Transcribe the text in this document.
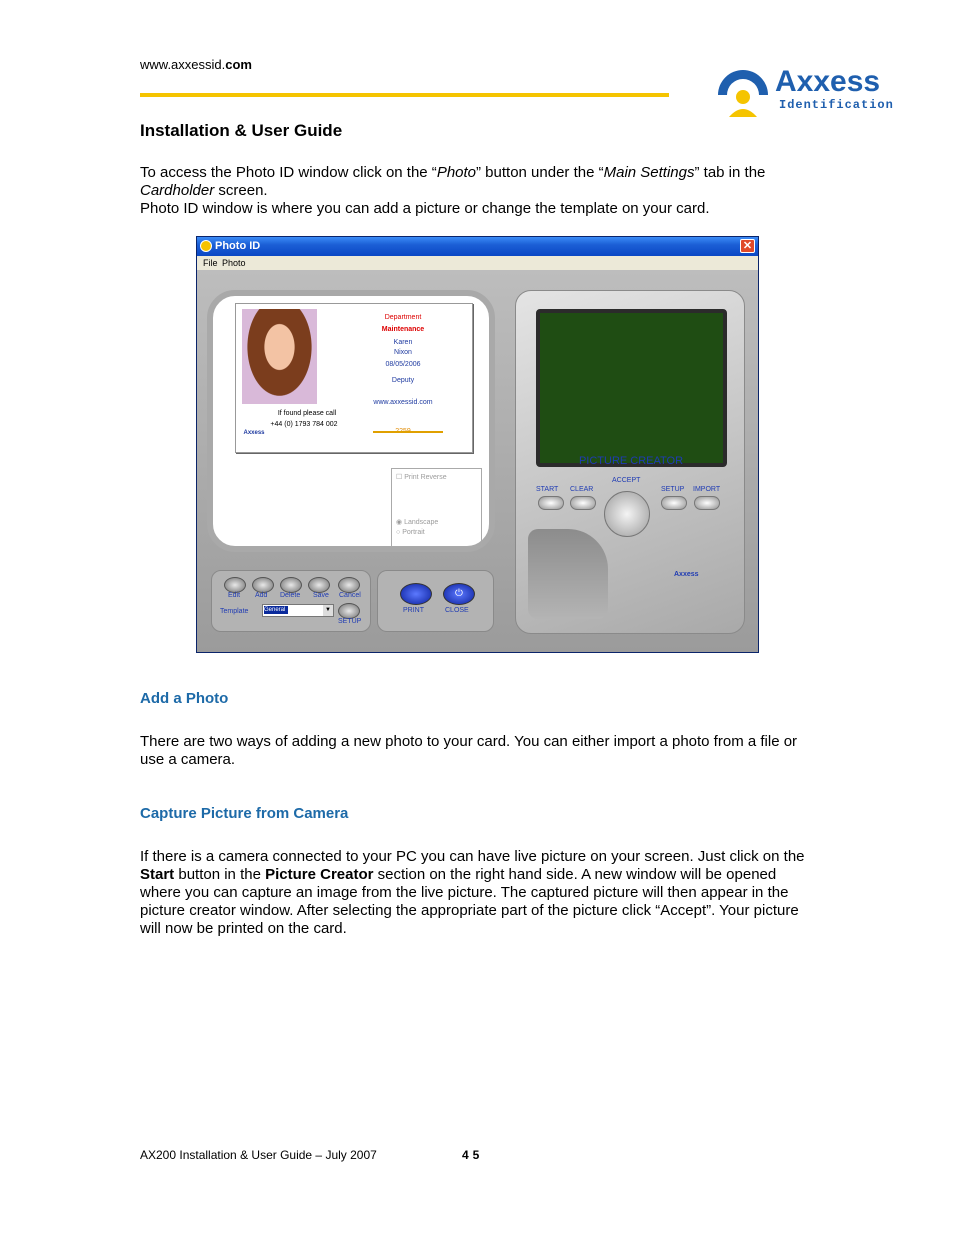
www.axxessid.com
Axxess
Identification
Installation & User Guide
To access the Photo ID window click on the “Photo” button under the “Main Settings” tab in the
Cardholder screen.
Photo ID window is where you can add a picture or change the template on your card.
Photo ID	✕
File Photo
Department
Maintenance
Karen
Nixon
08/05/2006
Deputy
www.axxessid.com
If found please call
+44 (0) 1793 784 002
Axxess
☐ Print Reverse
◉ Landscape
○ Portrait
PICTURE CREATOR
START CLEAR
ACCEPT
SETUP IMPORT
Axxess
Edit Add Delete Save Cancel
Template	General	▼
SETUP
⏻
PRINT	CLOSE
Add a Photo
There are two ways of adding a new photo to your card. You can either import a photo from a file or use a camera.
Capture Picture from Camera
If there is a camera connected to your PC you can have live picture on your screen. Just click on the Start button in the Picture Creator section on the right hand side. A new window will be opened where you can capture an image from the live picture. The captured picture will then appear in the picture creator window. After selecting the appropriate part of the picture click “Accept”. Your picture will now be printed on the card.
AX200 Installation & User Guide – July 2007	45
